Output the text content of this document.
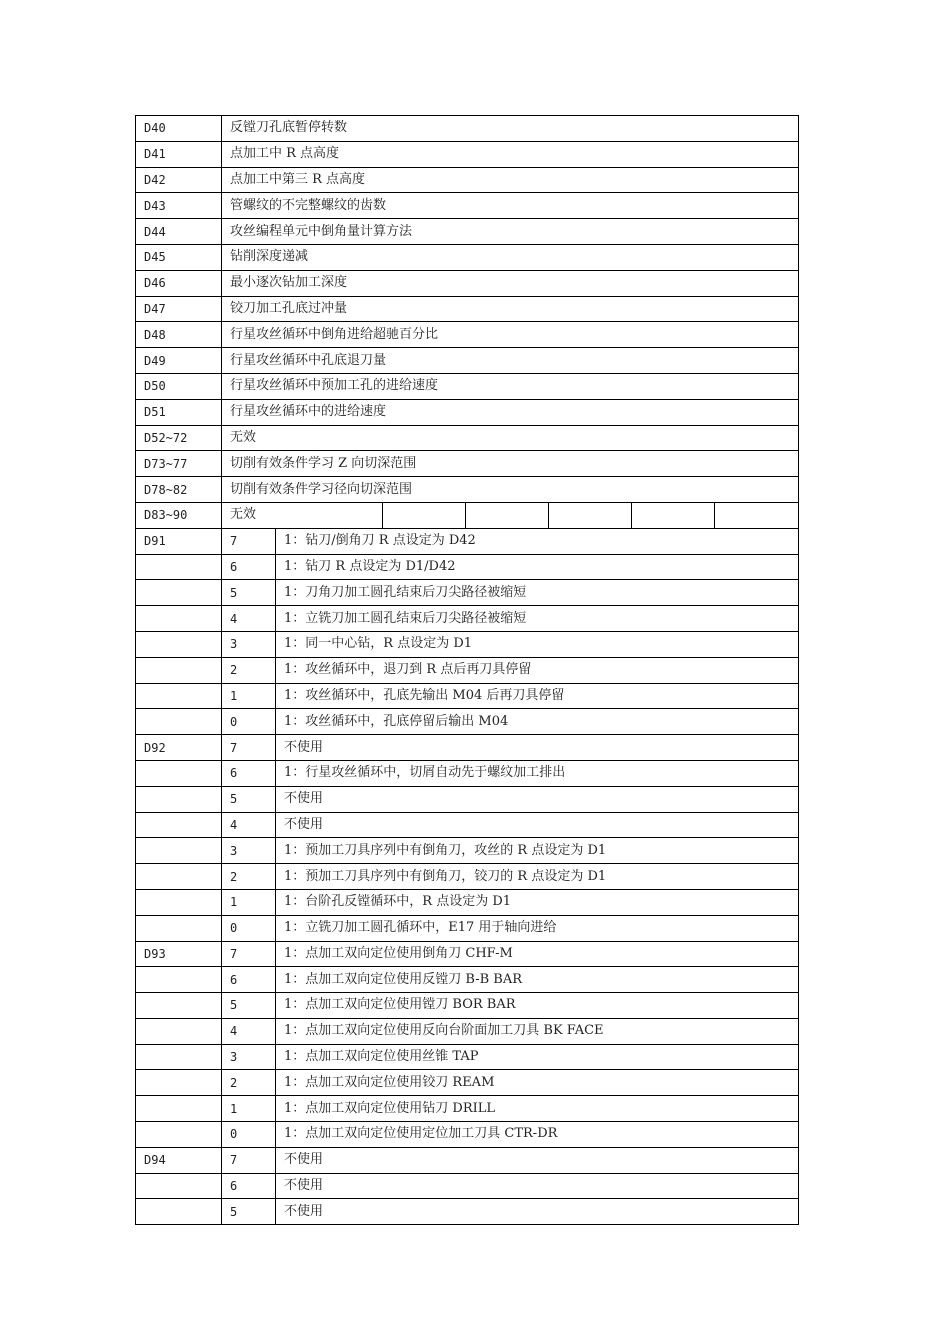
D40	反镗刀孔底暂停转数						
D41	点加工中 R 点高度						
D42	点加工中第三 R 点高度						
D43	管螺纹的不完整螺纹的齿数						
D44	攻丝编程单元中倒角量计算方法						
D45	钻削深度递减						
D46	最小逐次钻加工深度						
D47	铰刀加工孔底过冲量						
D48	行星攻丝循环中倒角进给超驰百分比						
D49	行星攻丝循环中孔底退刀量						
D50	行星攻丝循环中预加工孔的进给速度						
D51	行星攻丝循环中的进给速度						
D52~72	无效						
D73~77	切削有效条件学习 Z 向切深范围						
D78~82	切削有效条件学习径向切深范围						
D83~90	无效						
D91	7	1：钻刀/倒角刀 R 点设定为 D42					
	6	1：钻刀 R 点设定为 D1/D42					
	5	1：刀角刀加工圆孔结束后刀尖路径被缩短					
	4	1：立铣刀加工圆孔结束后刀尖路径被缩短					
	3	1：同一中心钻，R 点设定为 D1					
	2	1：攻丝循环中，退刀到 R 点后再刀具停留					
	1	1：攻丝循环中，孔底先输出 M04 后再刀具停留					
	0	1：攻丝循环中，孔底停留后输出 M04					
D92	7	不使用					
	6	1：行星攻丝循环中，切屑自动先于螺纹加工排出					
	5	不使用					
	4	不使用					
	3	1：预加工刀具序列中有倒角刀，攻丝的 R 点设定为 D1					
	2	1：预加工刀具序列中有倒角刀，铰刀的 R 点设定为 D1					
	1	1：台阶孔反镗循环中，R 点设定为 D1					
	0	1：立铣刀加工圆孔循环中，E17 用于轴向进给					
D93	7	1：点加工双向定位使用倒角刀 CHF-M					
	6	1：点加工双向定位使用反镗刀 B-B BAR					
	5	1：点加工双向定位使用镗刀 BOR BAR					
	4	1：点加工双向定位使用反向台阶面加工刀具 BK FACE					
	3	1：点加工双向定位使用丝锥 TAP					
	2	1：点加工双向定位使用铰刀 REAM					
	1	1：点加工双向定位使用钻刀 DRILL					
	0	1：点加工双向定位使用定位加工刀具 CTR-DR					
D94	7	不使用					
	6	不使用					
	5	不使用					
